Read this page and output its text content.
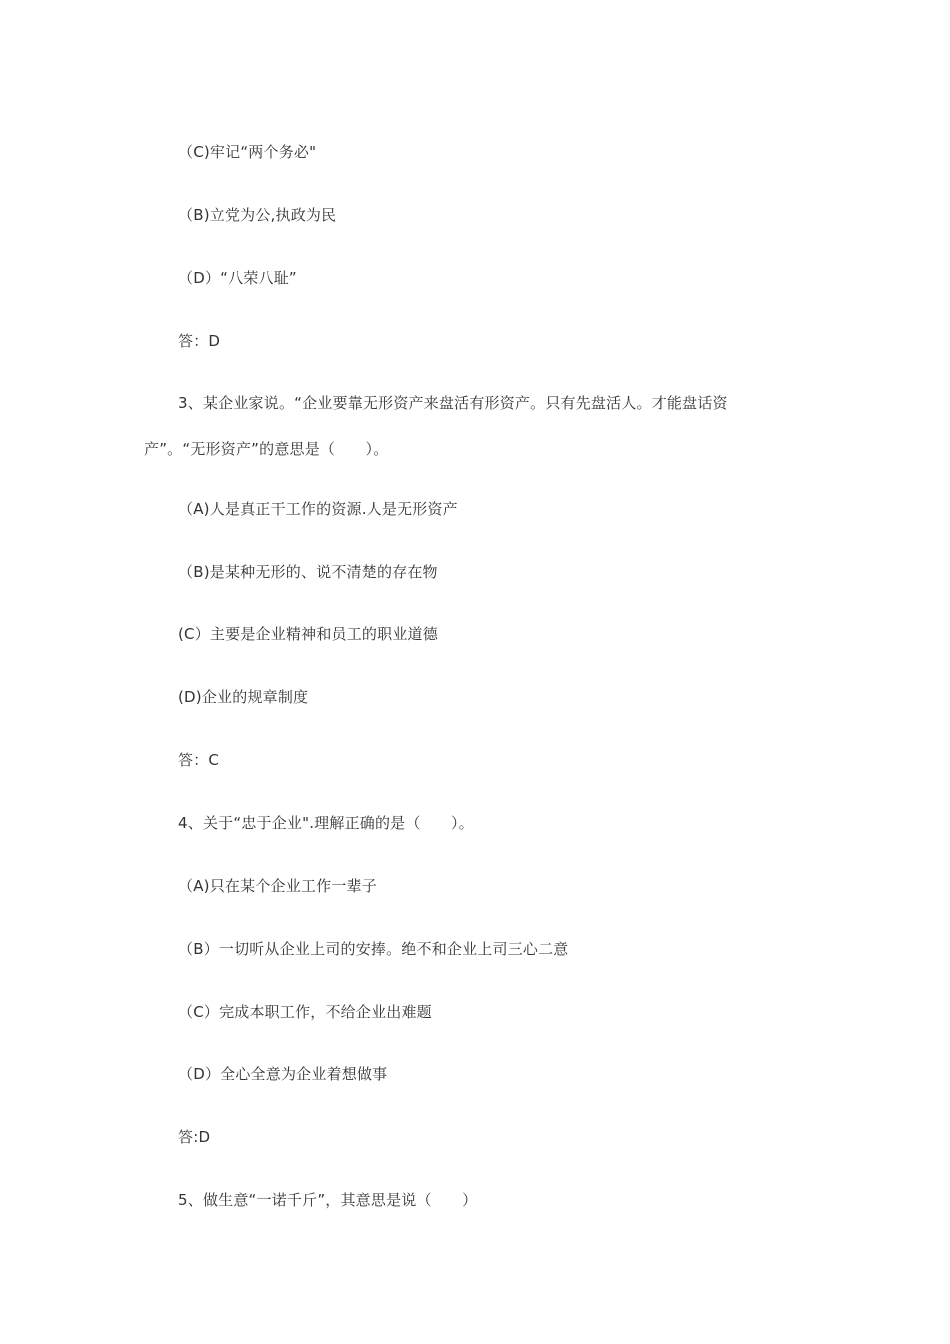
（C)牢记“两个务必"

（B)立党为公,执政为民

（D）“八荣八耻”

答：D

3、某企业家说。“企业要靠无形资产来盘活有形资产。只有先盘活人。才能盘话资

产”。“无形资产”的意思是（　　）。

（A)人是真正干工作的资源.人是无形资产

（B)是某种无形的、说不清楚的存在物

(C）主要是企业精神和员工的职业道德

(D)企业的规章制度

答：C

4、关于“忠于企业".理解正确的是（　　）。

（A)只在某个企业工作一辈子

（B）一切听从企业上司的安捧。绝不和企业上司三心二意

（C）完成本职工作，不给企业出难题

（D）全心全意为企业着想做事

答:D

5、做生意“一诺千斤”，其意思是说（　　）
